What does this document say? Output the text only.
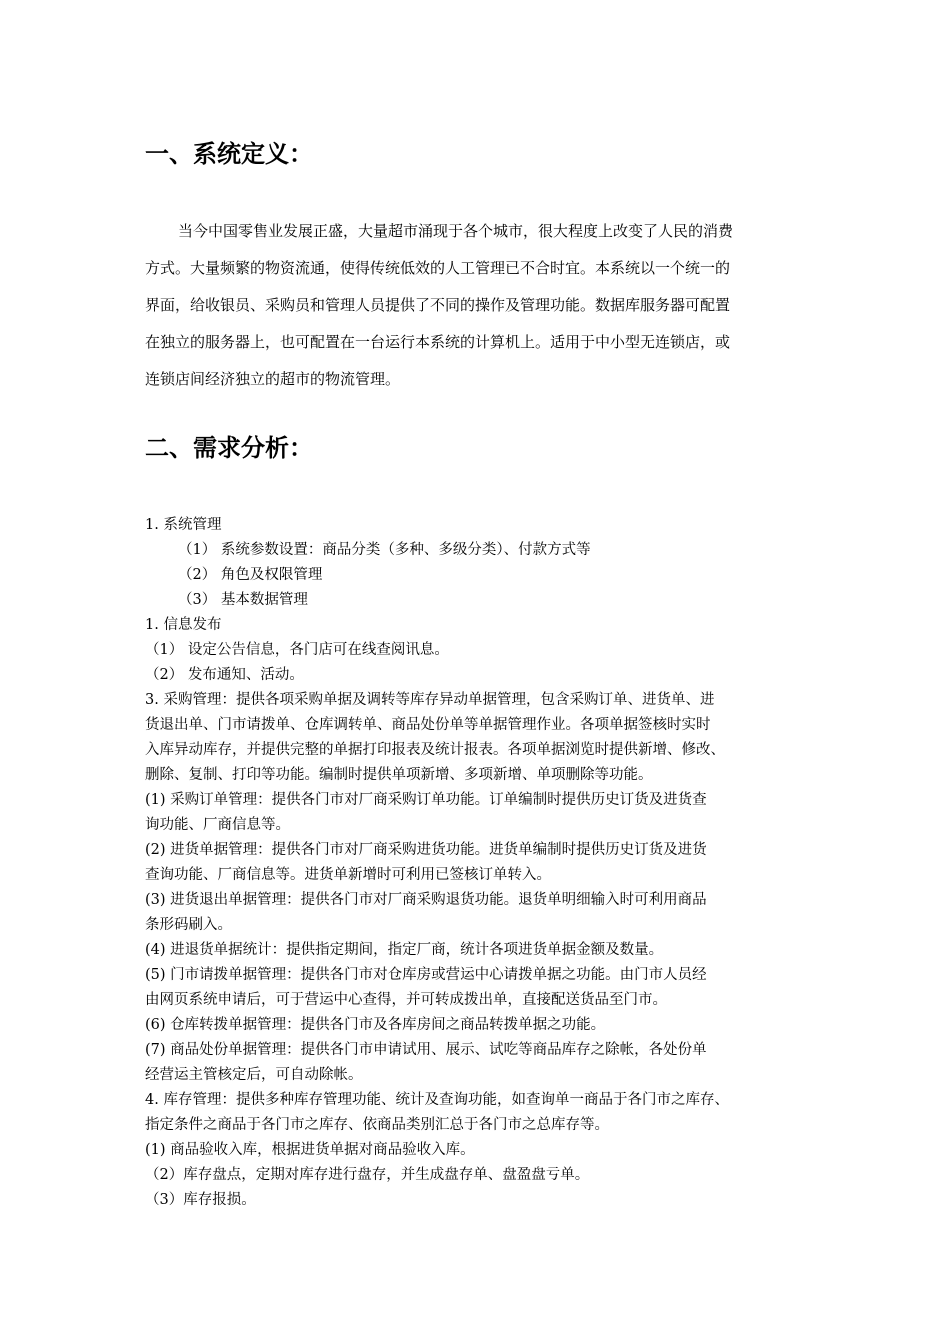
一、系统定义：

当今中国零售业发展正盛，大量超市涌现于各个城市，很大程度上改变了人民的消费

方式。大量频繁的物资流通，使得传统低效的人工管理已不合时宜。本系统以一个统一的

界面，给收银员、采购员和管理人员提供了不同的操作及管理功能。数据库服务器可配置

在独立的服务器上，也可配置在一台运行本系统的计算机上。适用于中小型无连锁店，或

连锁店间经济独立的超市的物流管理。

二、需求分析：

1. 系统管理

（1） 系统参数设置：商品分类（多种、多级分类）、付款方式等

（2） 角色及权限管理

（3） 基本数据管理

1. 信息发布

（1） 设定公告信息，各门店可在线查阅讯息。

（2） 发布通知、活动。

3. 采购管理：提供各项采购单据及调转等库存异动单据管理，包含采购订单、进货单、进

货退出单、门市请拨单、仓库调转单、商品处份单等单据管理作业。各项单据签核时实时

入库异动库存，并提供完整的单据打印报表及统计报表。各项单据浏览时提供新增、修改、

删除、复制、打印等功能。编制时提供单项新增、多项新增、单项删除等功能。

(1) 采购订单管理：提供各门市对厂商采购订单功能。订单编制时提供历史订货及进货查

询功能、厂商信息等。

(2) 进货单据管理：提供各门市对厂商采购进货功能。进货单编制时提供历史订货及进货

查询功能、厂商信息等。进货单新增时可利用已签核订单转入。

(3) 进货退出单据管理：提供各门市对厂商采购退货功能。退货单明细输入时可利用商品

条形码刷入。

(4) 进退货单据统计：提供指定期间，指定厂商，统计各项进货单据金额及数量。

(5) 门市请拨单据管理：提供各门市对仓库房或营运中心请拨单据之功能。由门市人员经

由网页系统申请后，可于营运中心查得，并可转成拨出单，直接配送货品至门市。

(6) 仓库转拨单据管理：提供各门市及各库房间之商品转拨单据之功能。

(7) 商品处份单据管理：提供各门市申请试用、展示、试吃等商品库存之除帐，各处份单

经营运主管核定后，可自动除帐。

4. 库存管理：提供多种库存管理功能、统计及查询功能，如查询单一商品于各门市之库存、

指定条件之商品于各门市之库存、依商品类别汇总于各门市之总库存等。

(1) 商品验收入库，根据进货单据对商品验收入库。

（2）库存盘点，定期对库存进行盘存，并生成盘存单、盘盈盘亏单。

（3）库存报损。
